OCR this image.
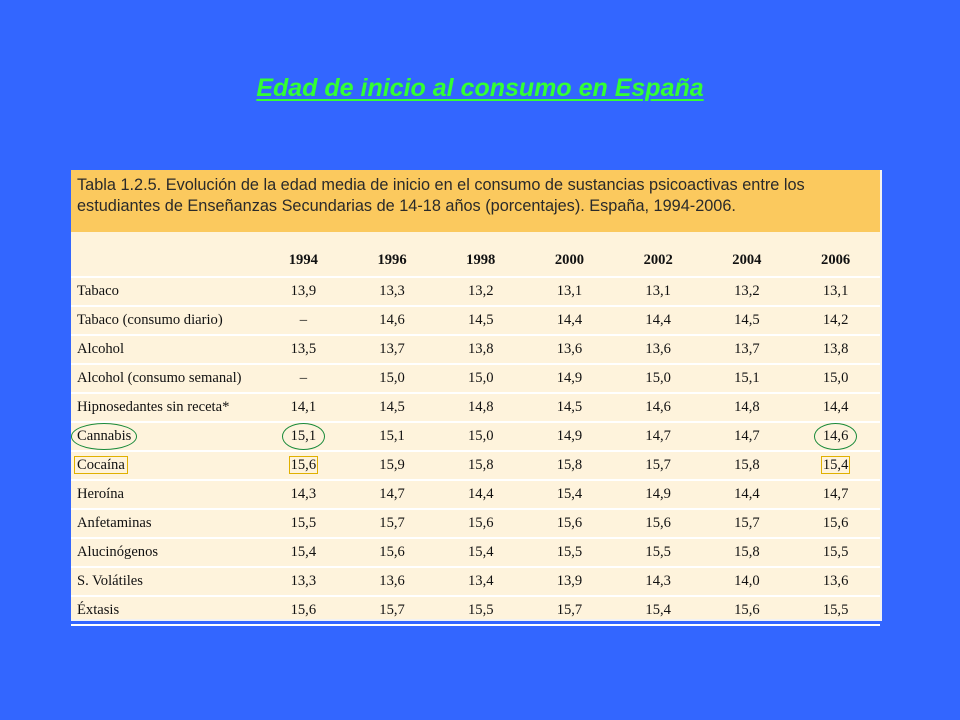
Edad de inicio al consumo en España
Tabla 1.2.5. Evolución de la edad media de inicio en el consumo de sustancias psicoactivas entre los estudiantes de Enseñanzas Secundarias de 14-18 años (porcentajes). España, 1994-2006.
	1994	1996	1998	2000	2002	2004	2006
Tabaco	13,9	13,3	13,2	13,1	13,1	13,2	13,1
Tabaco (consumo diario)	–	14,6	14,5	14,4	14,4	14,5	14,2
Alcohol	13,5	13,7	13,8	13,6	13,6	13,7	13,8
Alcohol (consumo semanal)	–	15,0	15,0	14,9	15,0	15,1	15,0
Hipnosedantes sin receta*	14,1	14,5	14,8	14,5	14,6	14,8	14,4
Cannabis	15,1	15,1	15,0	14,9	14,7	14,7	14,6
Cocaína	15,6	15,9	15,8	15,8	15,7	15,8	15,4
Heroína	14,3	14,7	14,4	15,4	14,9	14,4	14,7
Anfetaminas	15,5	15,7	15,6	15,6	15,6	15,7	15,6
Alucinógenos	15,4	15,6	15,4	15,5	15,5	15,8	15,5
S. Volátiles	13,3	13,6	13,4	13,9	14,3	14,0	13,6
Éxtasis	15,6	15,7	15,5	15,7	15,4	15,6	15,5
